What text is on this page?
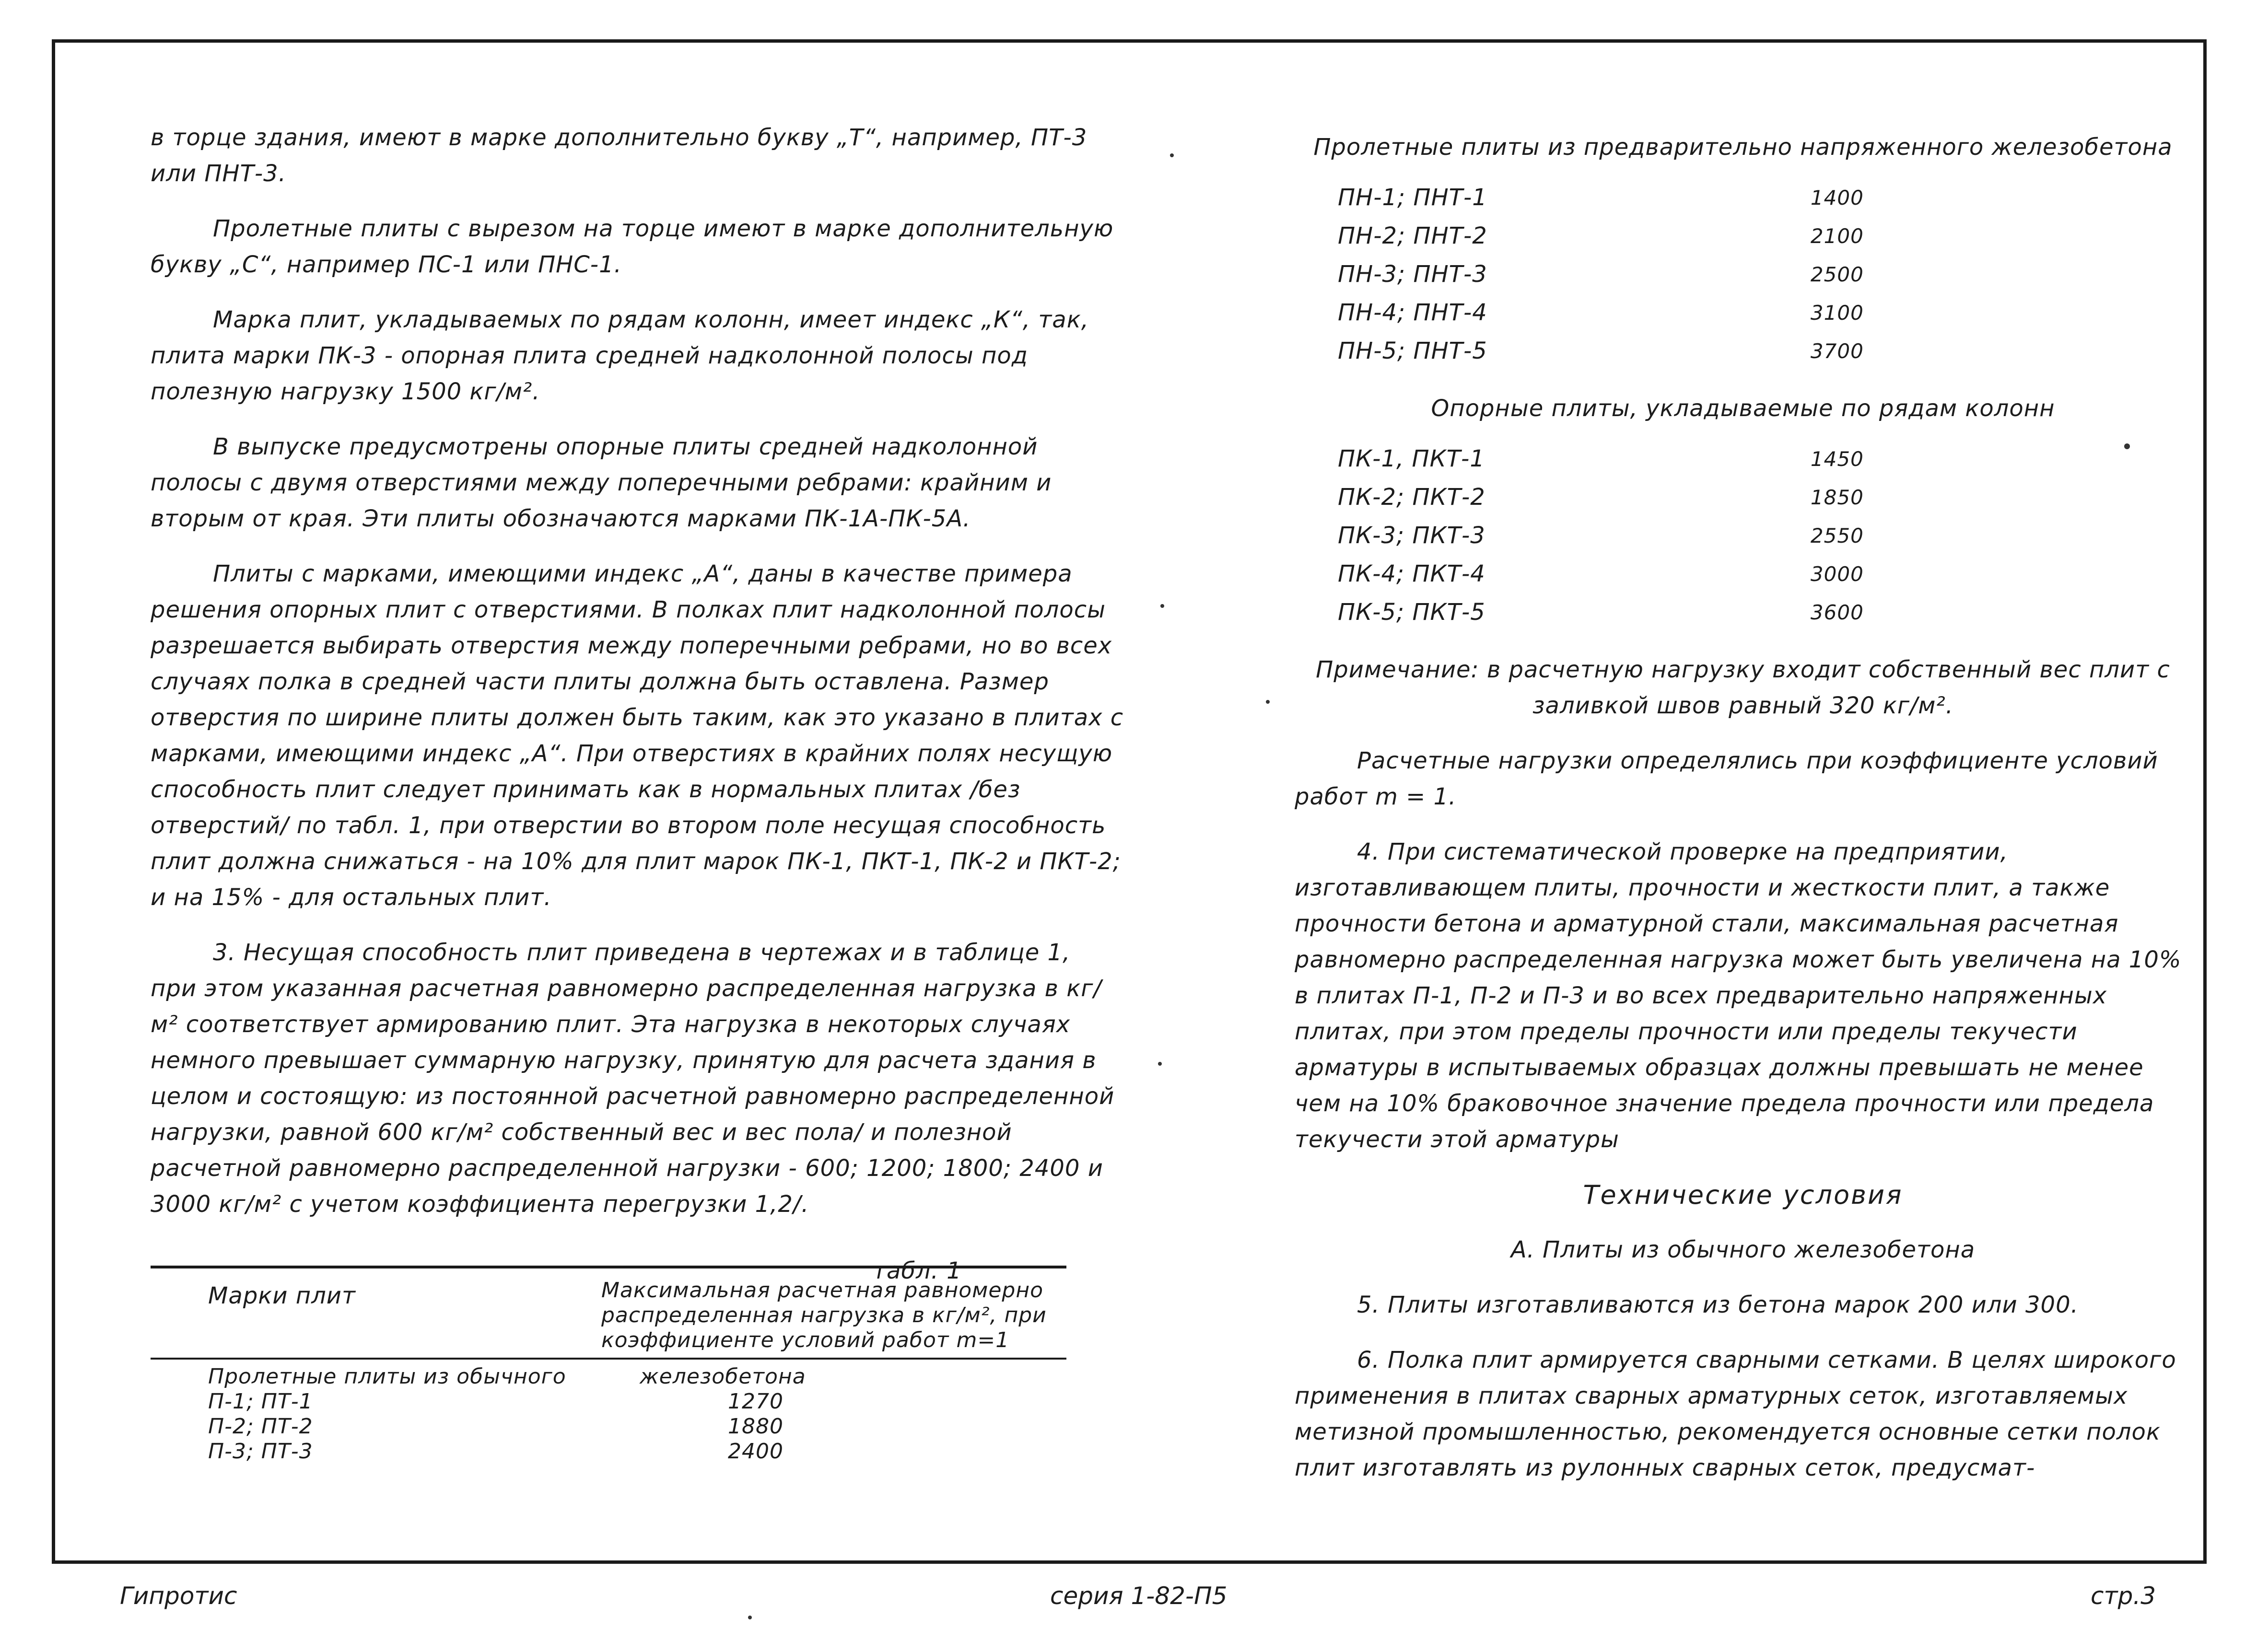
в торце здания, имеют в марке дополнительно букву „Т“, например, ПТ-3 или ПНТ-3.

Пролетные плиты с вырезом на торце имеют в марке дополнительную букву „С“, например ПС-1 или ПНС-1.

Марка плит, укладываемых по рядам колонн, имеет индекс „К“, так, плита марки ПК-3 - опорная плита средней надколонной полосы под полезную нагрузку 1500 кг/м².

В выпуске предусмотрены опорные плиты средней надколонной полосы с двумя отверстиями между поперечными ребрами: крайним и вторым от края. Эти плиты обозначаются марками ПК-1А-ПК-5А.

Плиты с марками, имеющими индекс „А“, даны в качестве примера решения опорных плит с отверстиями. В полках плит надколонной полосы разрешается выбирать отверстия между поперечными ребрами, но во всех случаях полка в средней части плиты должна быть оставлена. Размер отверстия по ширине плиты должен быть таким, как это указано в плитах с марками, имеющими индекс „А“. При отверстиях в крайних полях несущую способность плит следует принимать как в нормальных плитах /без отверстий/ по табл. 1, при отверстии во втором поле несущая способность плит должна снижаться - на 10% для плит марок ПК-1, ПКТ-1, ПК-2 и ПКТ-2; и на 15% - для остальных плит.

3. Несущая способность плит приведена в чертежах и в таблице 1, при этом указанная расчетная равномерно распределенная нагрузка в кг/м² соответствует армированию плит. Эта нагрузка в некоторых случаях немного превышает суммарную нагрузку, принятую для расчета здания в целом и состоящую: из постоянной расчетной равномерно распределенной нагрузки, равной 600 кг/м² собственный вес и вес пола/ и полезной расчетной равномерно распределенной нагрузки - 600; 1200; 1800; 2400 и 3000 кг/м² с учетом коэффициента перегрузки 1,2/.

табл. 1
Марки плит	Максимальная расчетная равномерно распределенная нагрузка в кг/м², при коэффициенте условий работ m=1
Пролетные плиты из обычного	железобетона
П-1; ПТ-1	1270
П-2; ПТ-2	1880
П-3; ПТ-3	2400

Пролетные плиты из предварительно напряженного железобетона

ПН-1; ПНТ-1	1400
ПН-2; ПНТ-2	2100
ПН-3; ПНТ-3	2500
ПН-4; ПНТ-4	3100
ПН-5; ПНТ-5	3700

Опорные плиты, укладываемые по рядам колонн

ПК-1, ПКТ-1	1450
ПК-2; ПКТ-2	1850
ПК-3; ПКТ-3	2550
ПК-4; ПКТ-4	3000
ПК-5; ПКТ-5	3600

Примечание: в расчетную нагрузку входит собственный вес плит с заливкой швов равный 320 кг/м².

Расчетные нагрузки определялись при коэффициенте условий работ m = 1.

4. При систематической проверке на предприятии, изготавливающем плиты, прочности и жесткости плит, а также прочности бетона и арматурной стали, максимальная расчетная равномерно распределенная нагрузка может быть увеличена на 10% в плитах П-1, П-2 и П-3 и во всех предварительно напряженных плитах, при этом пределы прочности или пределы текучести арматуры в испытываемых образцах должны превышать не менее чем на 10% браковочное значение предела прочности или предела текучести этой арматуры

Технические условия

А. Плиты из обычного железобетона

5. Плиты изготавливаются из бетона марок 200 или 300.

6. Полка плит армируется сварными сетками. В целях широкого применения в плитах сварных арматурных сеток, изготавляемых метизной промышленностью, рекомендуется основные сетки полок плит изготавлять из рулонных сварных сеток, предусмат-

Гипротис	серия 1-82-П5	стр.3
